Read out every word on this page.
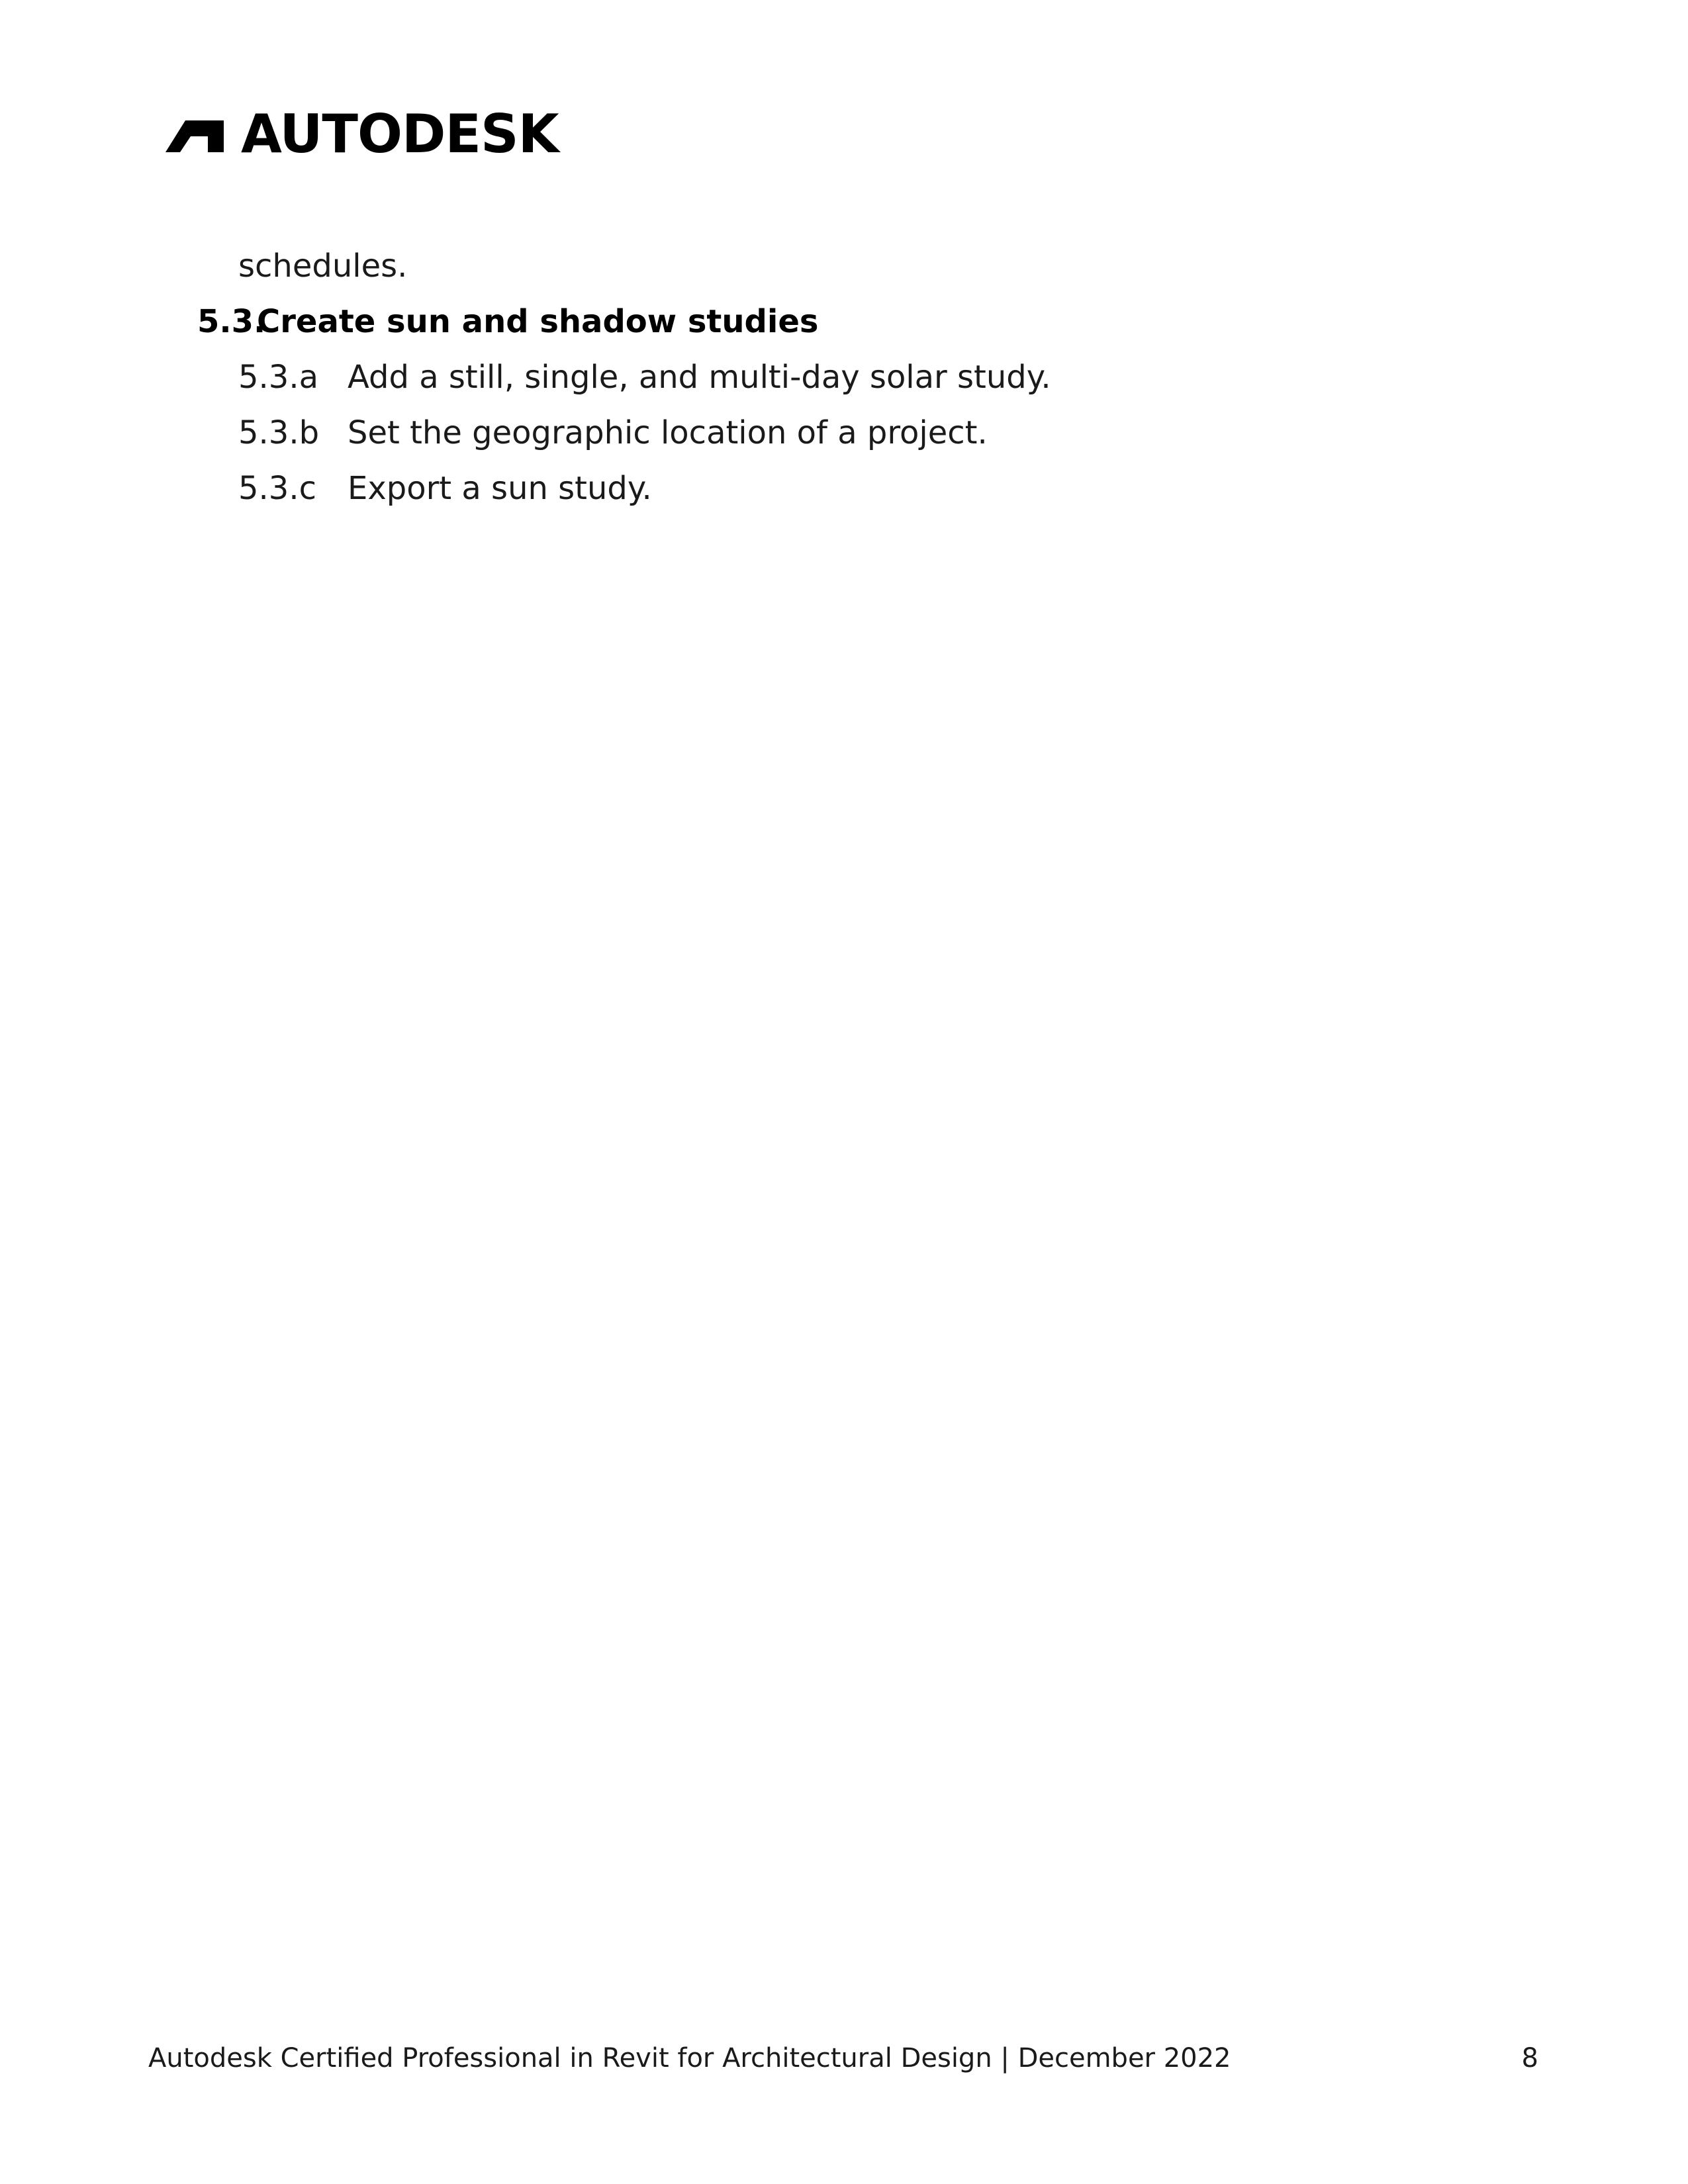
AUTODESK
schedules.
5.3.Create sun and shadow studies
5.3.a Add a still, single, and multi-day solar study.
5.3.b Set the geographic location of a project.
5.3.c Export a sun study.
Autodesk Certified Professional in Revit for Architectural Design | December 2022	8
